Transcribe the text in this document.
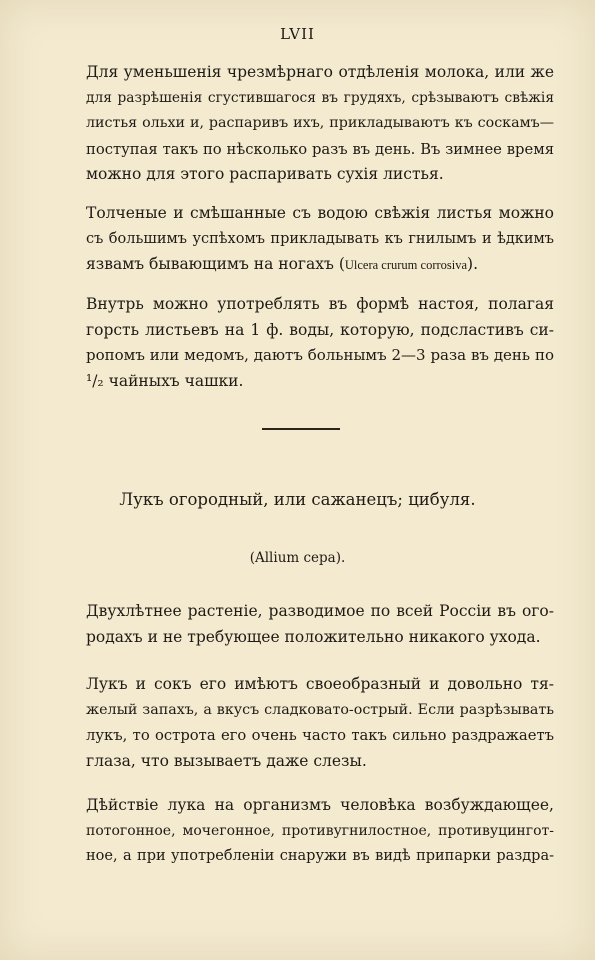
LVII

Для уменьшенія чрезмѣрнаго отдѣленія молока, или же
для разрѣшенія сгустившагося въ грудяхъ, срѣзываютъ свѣжія
листья ольхи и, распаривъ ихъ, прикладываютъ къ соскамъ—
поступая такъ по нѣсколько разъ въ день. Въ зимнее время
можно для этого распаривать сухія листья.

Толченые и смѣшанные съ водою свѣжія листья можно
съ большимъ успѣхомъ прикладывать къ гнилымъ и ѣдкимъ
язвамъ бывающимъ на ногахъ (Ulcera crurum corrosiva).

Внутрь можно употреблять въ формѣ настоя, полагая
горсть листьевъ на 1 ф. воды, которую, подсластивъ си-
ропомъ или медомъ, даютъ больнымъ 2—3 раза въ день по
¹/₂ чайныхъ чашки.

Лукъ огородный, или сажанецъ; цибуля.
(Allium cepa).

Двухлѣтнее растеніе, разводимое по всей Россіи въ ого-
родахъ и не требующее положительно никакого ухода.

Лукъ и сокъ его имѣютъ своеобразный и довольно тя-
желый запахъ, а вкусъ сладковато-острый. Если разрѣзывать
лукъ, то острота его очень часто такъ сильно раздражаетъ
глаза, что вызываетъ даже слезы.

Дѣйствіе лука на организмъ человѣка возбуждающее,
потогонное, мочегонное, противугнилостное, противуцингот-
ное, а при употребленіи снаружи въ видѣ припарки раздра-
